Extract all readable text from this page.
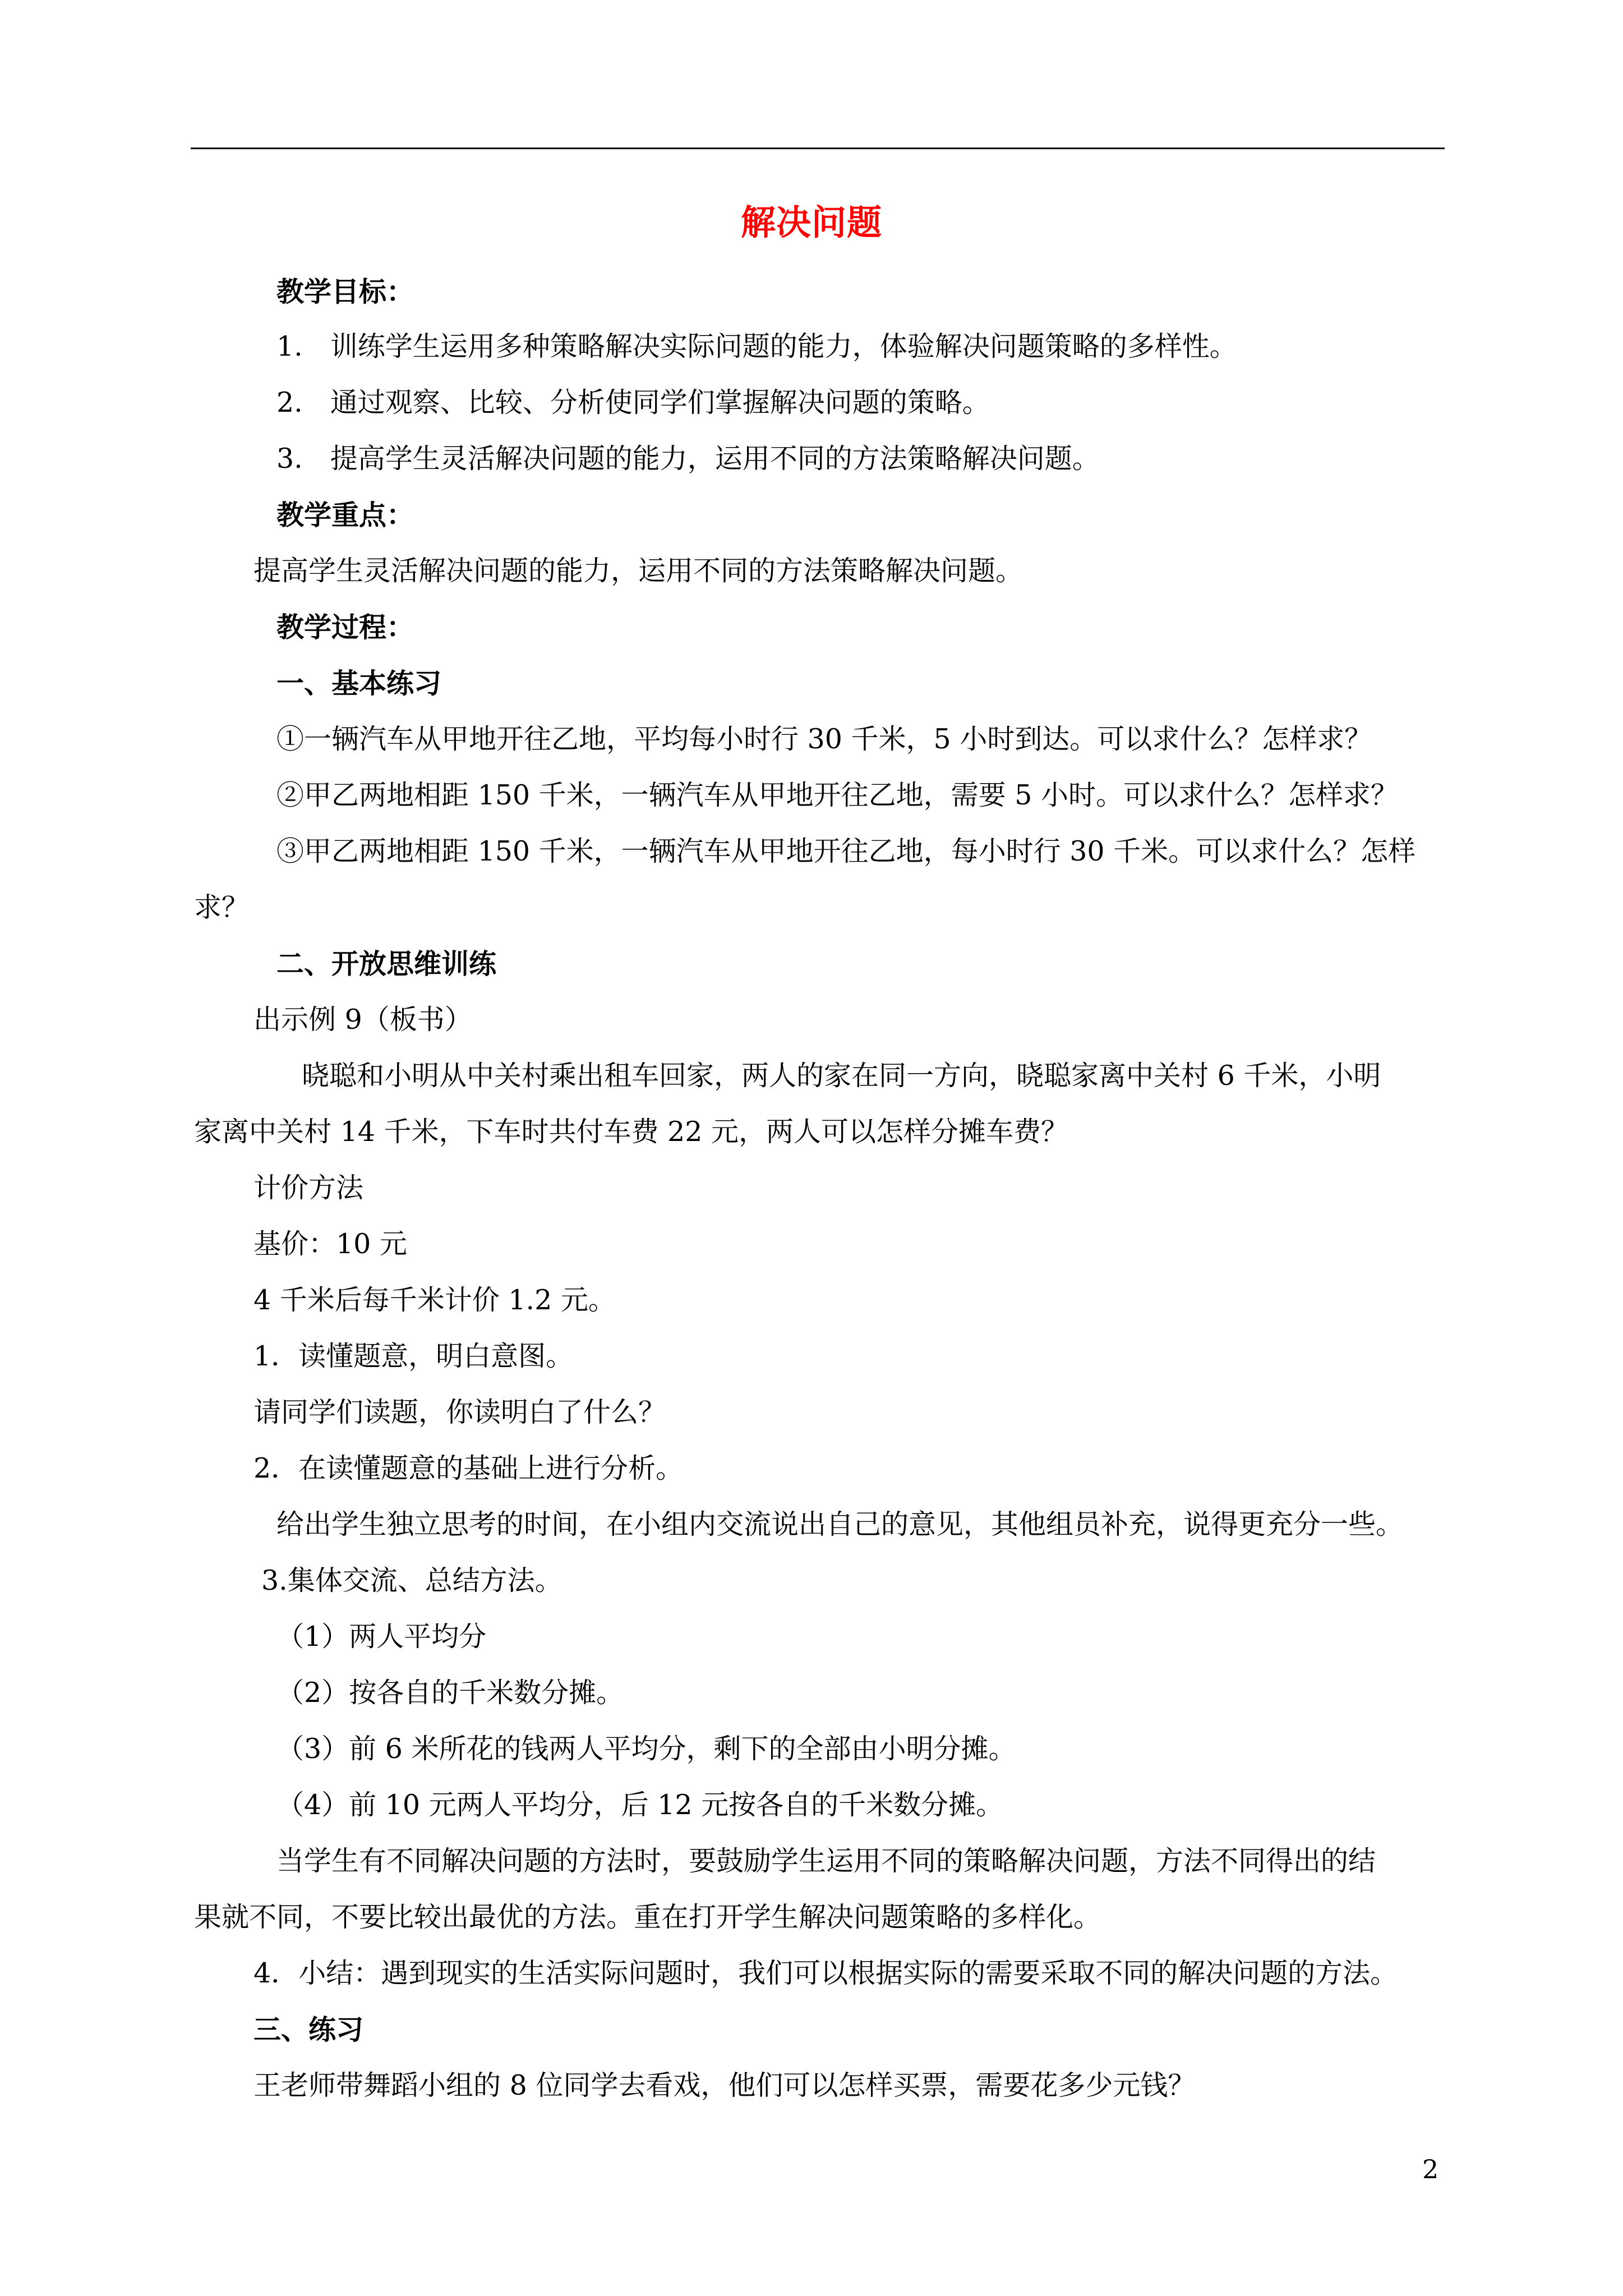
解决问题
教学目标：
1.　训练学生运用多种策略解决实际问题的能力，体验解决问题策略的多样性。
2.　通过观察、比较、分析使同学们掌握解决问题的策略。
3.　提高学生灵活解决问题的能力，运用不同的方法策略解决问题。
教学重点：
提高学生灵活解决问题的能力，运用不同的方法策略解决问题。
教学过程：
一、基本练习
①一辆汽车从甲地开往乙地，平均每小时行 30 千米，5 小时到达。可以求什么？怎样求？
②甲乙两地相距 150 千米，一辆汽车从甲地开往乙地，需要 5 小时。可以求什么？怎样求？
③甲乙两地相距 150 千米，一辆汽车从甲地开往乙地，每小时行 30 千米。可以求什么？怎样
求？
二、开放思维训练
出示例 9（板书）
晓聪和小明从中关村乘出租车回家，两人的家在同一方向，晓聪家离中关村 6 千米，小明
家离中关村 14 千米，下车时共付车费 22 元，两人可以怎样分摊车费？
计价方法
基价：10 元
4 千米后每千米计价 1.2 元。
1．读懂题意，明白意图。
请同学们读题，你读明白了什么？
2．在读懂题意的基础上进行分析。
给出学生独立思考的时间，在小组内交流说出自己的意见，其他组员补充，说得更充分一些。
3.集体交流、总结方法。
（1）两人平均分
（2）按各自的千米数分摊。
（3）前 6 米所花的钱两人平均分，剩下的全部由小明分摊。
（4）前 10 元两人平均分，后 12 元按各自的千米数分摊。
当学生有不同解决问题的方法时，要鼓励学生运用不同的策略解决问题，方法不同得出的结
果就不同，不要比较出最优的方法。重在打开学生解决问题策略的多样化。
4．小结：遇到现实的生活实际问题时，我们可以根据实际的需要采取不同的解决问题的方法。
三、练习
王老师带舞蹈小组的 8 位同学去看戏，他们可以怎样买票，需要花多少元钱？
2
